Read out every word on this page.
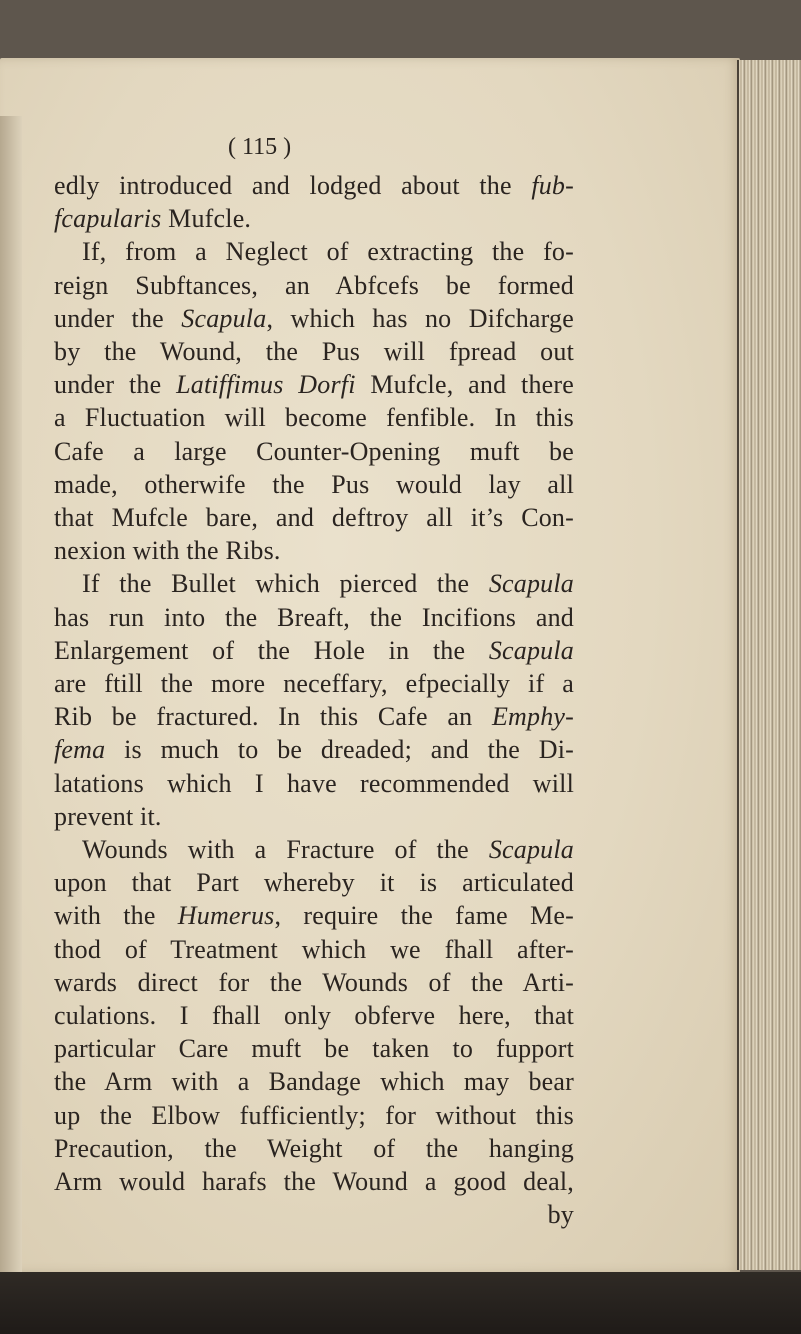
( 115 )
edly introduced and lodged about the fub-
fcapularis Mufcle.
If, from a Neglect of extracting the fo-
reign Subftances, an Abfcefs be formed
under the Scapula, which has no Difcharge
by the Wound, the Pus will fpread out
under the Latiffimus Dorfi Mufcle, and there
a Fluctuation will become fenfible. In this
Cafe a large Counter-Opening muft be
made, otherwife the Pus would lay all
that Mufcle bare, and deftroy all it’s Con-
nexion with the Ribs.
If the Bullet which pierced the Scapula
has run into the Breaft, the Incifions and
Enlargement of the Hole in the Scapula
are ftill the more neceffary, efpecially if a
Rib be fractured. In this Cafe an Emphy-
fema is much to be dreaded; and the Di-
latations which I have recommended will
prevent it.
Wounds with a Fracture of the Scapula
upon that Part whereby it is articulated
with the Humerus, require the fame Me-
thod of Treatment which we fhall after-
wards direct for the Wounds of the Arti-
culations. I fhall only obferve here, that
particular Care muft be taken to fupport
the Arm with a Bandage which may bear
up the Elbow fufficiently; for without this
Precaution, the Weight of the hanging
Arm would harafs the Wound a good deal,
by
